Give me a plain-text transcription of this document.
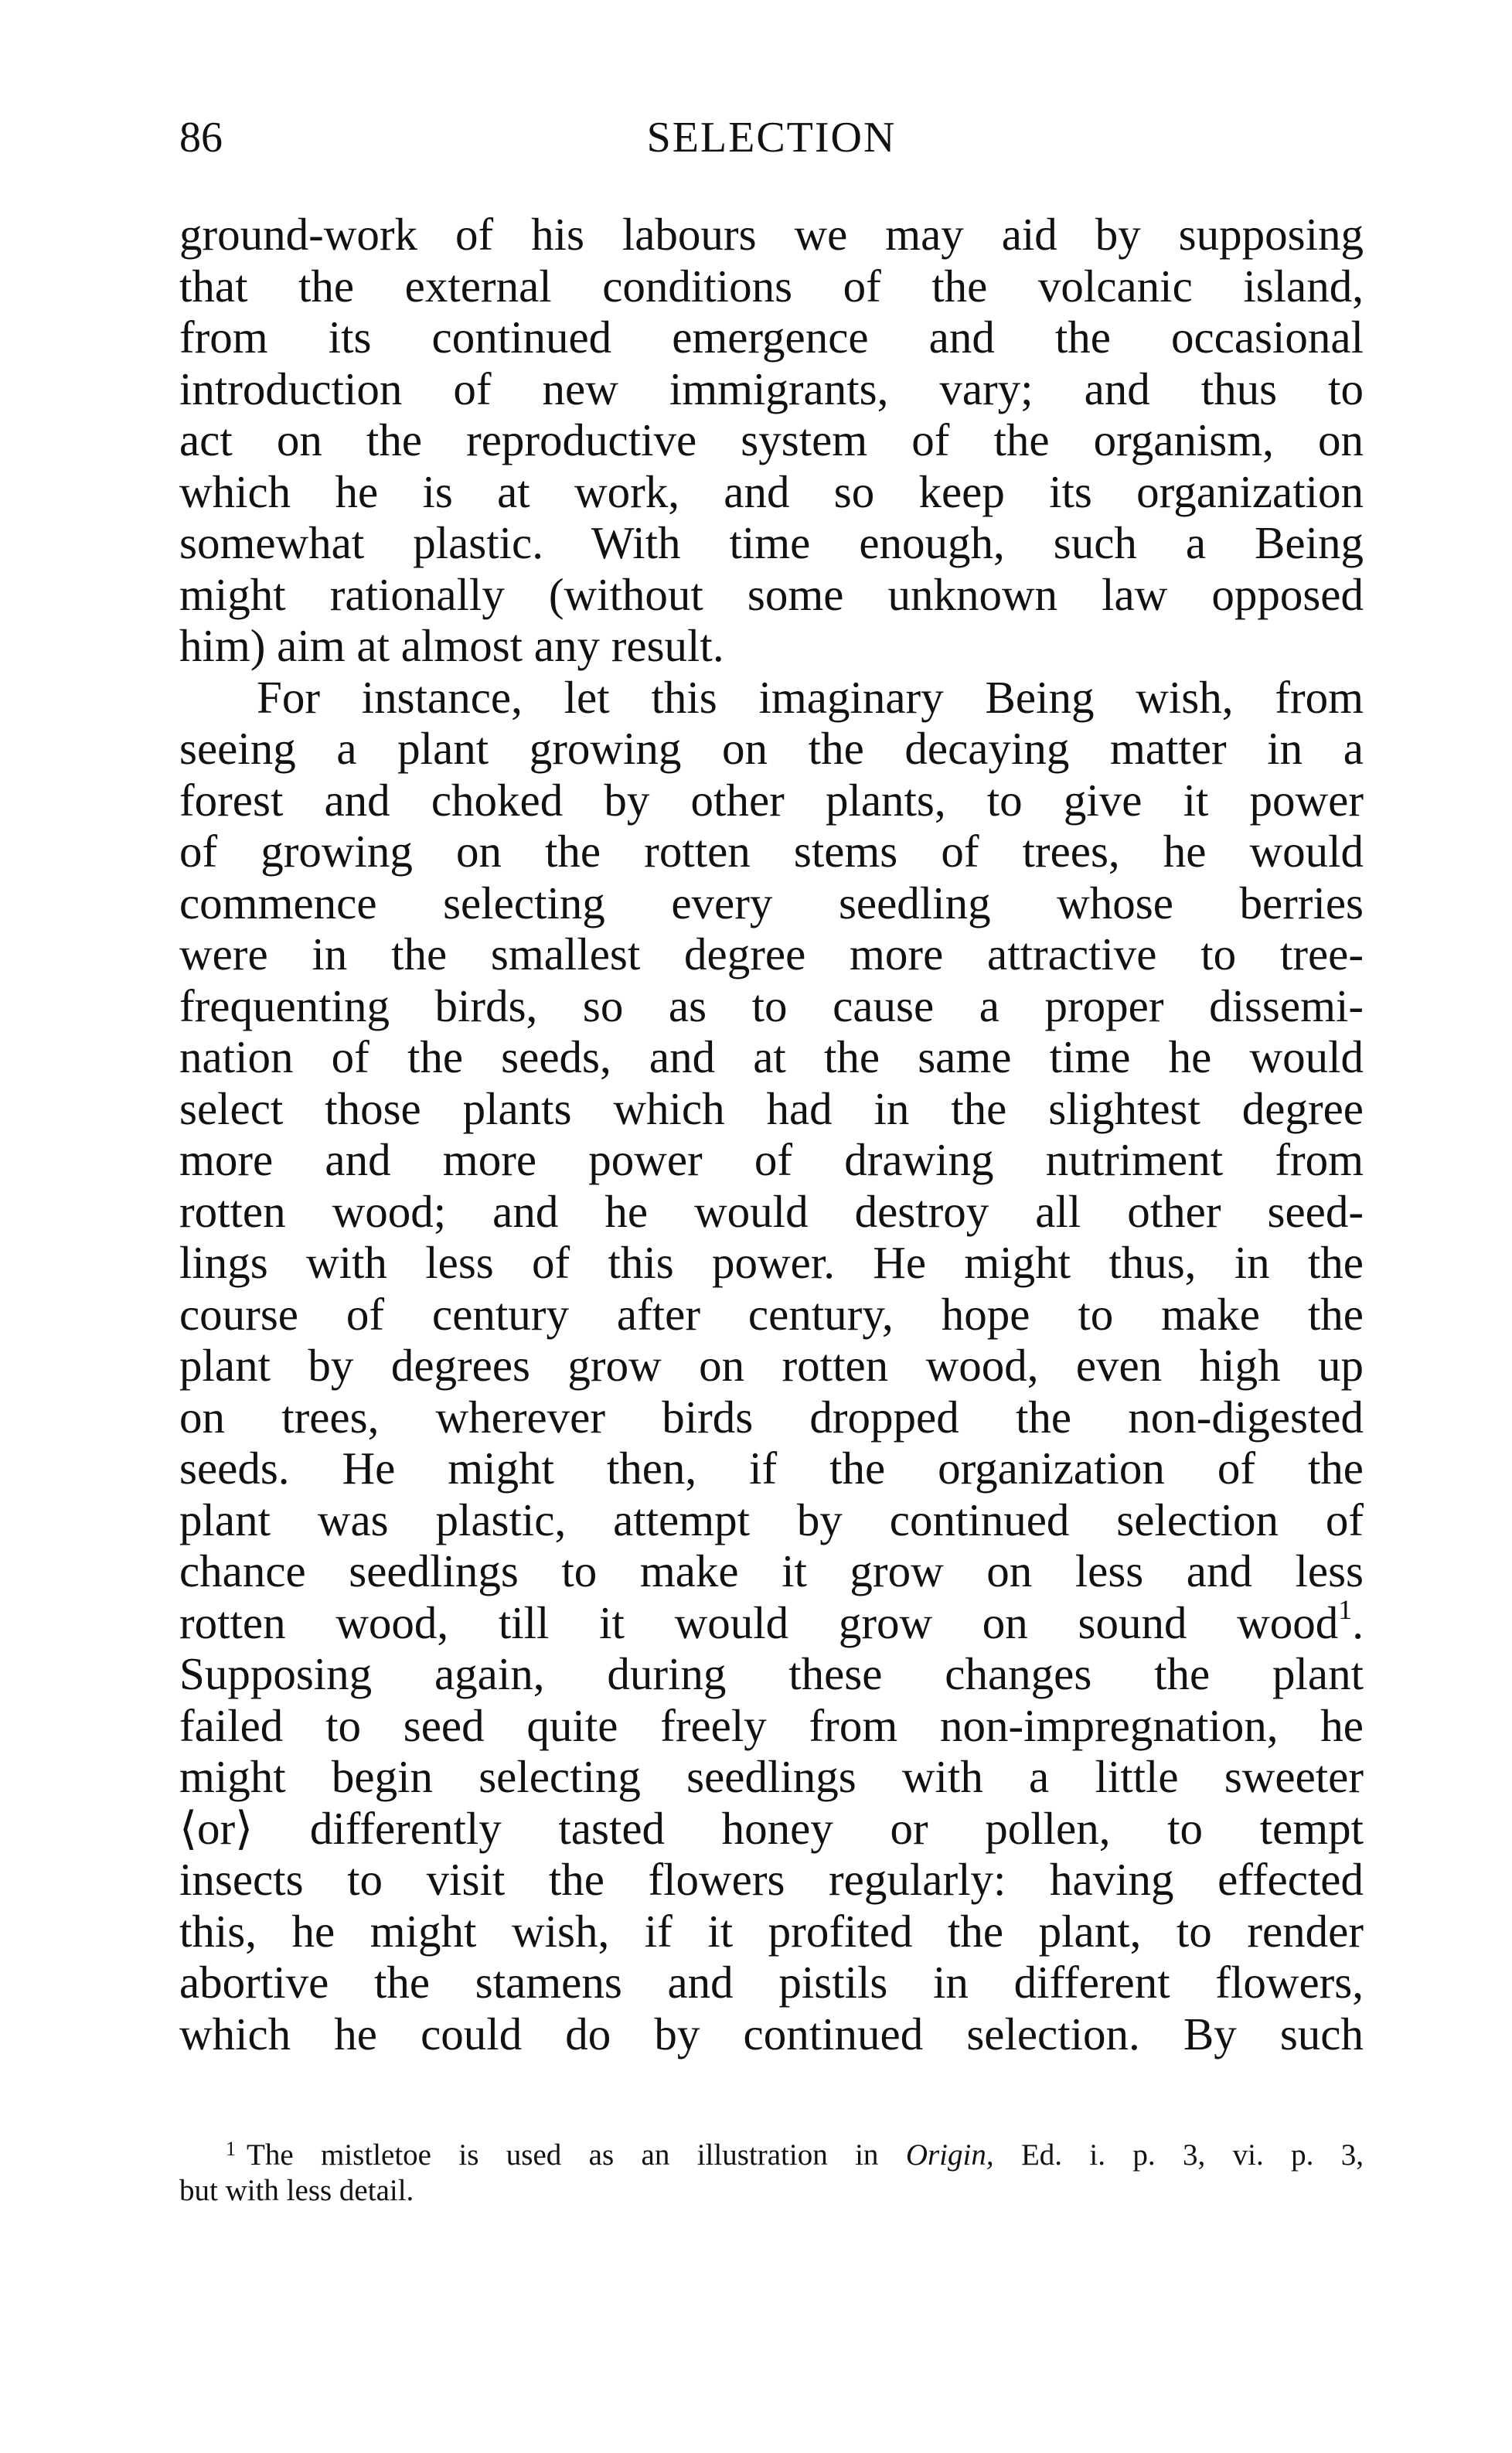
86	SELECTION
ground-work of his labours we may aid by supposing
that the external conditions of the volcanic island,
from its continued emergence and the occasional
introduction of new immigrants, vary; and thus to
act on the reproductive system of the organism, on
which he is at work, and so keep its organization
somewhat plastic. With time enough, such a Being
might rationally (without some unknown law opposed
him) aim at almost any result.
For instance, let this imaginary Being wish, from
seeing a plant growing on the decaying matter in a
forest and choked by other plants, to give it power
of growing on the rotten stems of trees, he would
commence selecting every seedling whose berries
were in the smallest degree more attractive to tree-
frequenting birds, so as to cause a proper dissemi-
nation of the seeds, and at the same time he would
select those plants which had in the slightest degree
more and more power of drawing nutriment from
rotten wood; and he would destroy all other seed-
lings with less of this power. He might thus, in the
course of century after century, hope to make the
plant by degrees grow on rotten wood, even high up
on trees, wherever birds dropped the non-digested
seeds. He might then, if the organization of the
plant was plastic, attempt by continued selection of
chance seedlings to make it grow on less and less
rotten wood, till it would grow on sound wood$^1$.
Supposing again, during these changes the plant
failed to seed quite freely from non-impregnation, he
might begin selecting seedlings with a little sweeter
⟨or⟩ differently tasted honey or pollen, to tempt
insects to visit the flowers regularly: having effected
this, he might wish, if it profited the plant, to render
abortive the stamens and pistils in different flowers,
which he could do by continued selection. By such
$^1$ The mistletoe is used as an illustration in Origin, Ed. i. p. 3, vi. p. 3,
but with less detail.
